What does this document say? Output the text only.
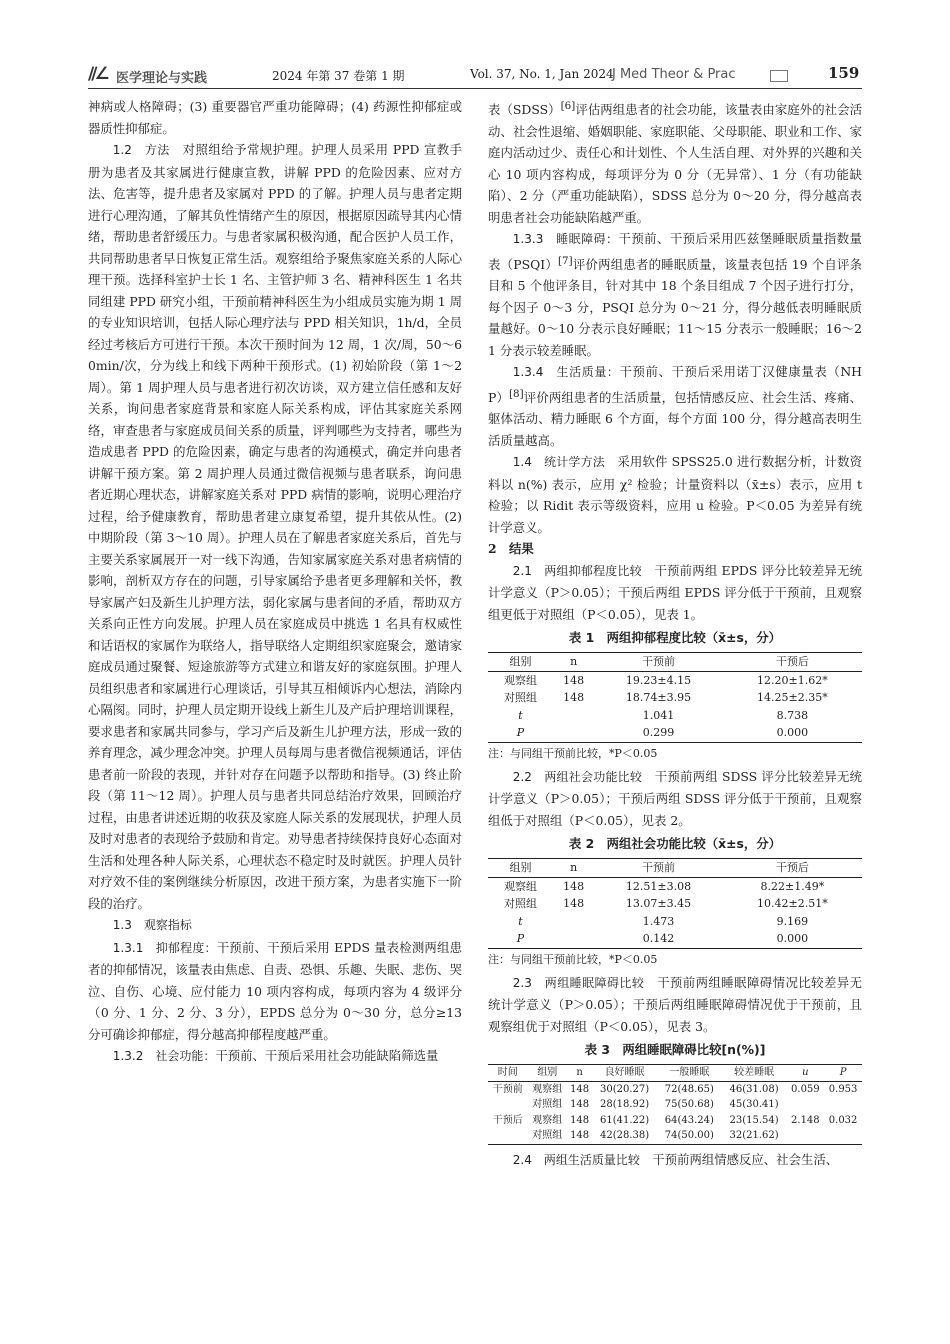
∕∕∠ 医学理论与实践	2024 年第 37 卷第 1 期	Vol. 37, No. 1, Jan 2024
J Med Theor & Prac	159

神病或人格障碍；(3) 重要器官严重功能障碍；(4) 药源性抑郁症或器质性抑郁症。

1.2　方法　 对照组给予常规护理。护理人员采用 PPD 宣教手册为患者及其家属进行健康宣教，讲解 PPD 的危险因素、应对方法、危害等，提升患者及家属对 PPD 的了解。护理人员与患者定期进行心理沟通，了解其负性情绪产生的原因，根据原因疏导其内心情绪，帮助患者舒缓压力。与患者家属积极沟通，配合医护人员工作，共同帮助患者早日恢复正常生活。观察组给予聚焦家庭关系的人际心理干预。选择科室护士长 1 名、主管护师 3 名、精神科医生 1 名共同组建 PPD 研究小组，干预前精神科医生为小组成员实施为期 1 周的专业知识培训，包括人际心理疗法与 PPD 相关知识，1h/d，全员经过考核后方可进行干预。本次干预时间为 12 周，1 次/周，50～60min/次，分为线上和线下两种干预形式。(1) 初始阶段（第 1～2 周）。第 1 周护理人员与患者进行初次访谈，双方建立信任感和友好关系，询问患者家庭背景和家庭人际关系构成，评估其家庭关系网络，审查患者与家庭成员间关系的质量，评判哪些为支持者，哪些为造成患者 PPD 的危险因素，确定与患者的沟通模式，确定并向患者讲解干预方案。第 2 周护理人员通过微信视频与患者联系，询问患者近期心理状态，讲解家庭关系对 PPD 病情的影响，说明心理治疗过程，给予健康教育，帮助患者建立康复希望，提升其依从性。(2) 中期阶段（第 3～10 周）。护理人员在了解患者家庭关系后，首先与主要关系家属展开一对一线下沟通，告知家属家庭关系对患者病情的影响，剖析双方存在的问题，引导家属给予患者更多理解和关怀，教导家属产妇及新生儿护理方法，弱化家属与患者间的矛盾，帮助双方关系向正性方向发展。护理人员在家庭成员中挑选 1 名具有权威性和话语权的家属作为联络人，指导联络人定期组织家庭聚会，邀请家庭成员通过聚餐、短途旅游等方式建立和谐友好的家庭氛围。护理人员组织患者和家属进行心理谈话，引导其互相倾诉内心想法，消除内心隔阂。同时，护理人员定期开设线上新生儿及产后护理培训课程，要求患者和家属共同参与，学习产后及新生儿护理方法，形成一致的养育理念，减少理念冲突。护理人员每周与患者微信视频通话，评估患者前一阶段的表现，并针对存在问题予以帮助和指导。(3) 终止阶段（第 11～12 周）。护理人员与患者共同总结治疗效果，回顾治疗过程，由患者讲述近期的收获及家庭人际关系的发展现状，护理人员及时对患者的表现给予鼓励和肯定。劝导患者持续保持良好心态面对生活和处理各种人际关系，心理状态不稳定时及时就医。护理人员针对疗效不佳的案例继续分析原因，改进干预方案，为患者实施下一阶段的治疗。

1.3　观察指标

1.3.1　抑郁程度：干预前、干预后采用 EPDS 量表检测两组患者的抑郁情况，该量表由焦虑、自责、恐惧、乐趣、失眠、悲伤、哭泣、自伤、心境、应付能力 10 项内容构成，每项内容为 4 级评分（0 分、1 分、2 分、3 分），EPDS 总分为 0～30 分，总分≥13 分可确诊抑郁症，得分越高抑郁程度越严重。

1.3.2　社会功能：干预前、干预后采用社会功能缺陷筛选量

表（SDSS）[6]评估两组患者的社会功能，该量表由家庭外的社会活动、社会性退缩、婚姻职能、家庭职能、父母职能、职业和工作、家庭内活动过少、责任心和计划性、个人生活自理、对外界的兴趣和关心 10 项内容构成，每项评分为 0 分（无异常）、1 分（有功能缺陷）、2 分（严重功能缺陷），SDSS 总分为 0～20 分，得分越高表明患者社会功能缺陷越严重。

1.3.3　睡眠障碍：干预前、干预后采用匹兹堡睡眠质量指数量表（PSQI）[7]评价两组患者的睡眠质量，该量表包括 19 个自评条目和 5 个他评条目，针对其中 18 个条目组成 7 个因子进行打分，每个因子 0～3 分，PSQI 总分为 0～21 分，得分越低表明睡眠质量越好。0～10 分表示良好睡眠；11～15 分表示一般睡眠；16～21 分表示较差睡眠。

1.3.4　生活质量：干预前、干预后采用诺丁汉健康量表（NHP）[8]评价两组患者的生活质量，包括情感反应、社会生活、疼痛、躯体活动、精力睡眠 6 个方面，每个方面 100 分，得分越高表明生活质量越高。

1.4　统计学方法　 采用软件 SPSS25.0 进行数据分析，计数资料以 n(%) 表示，应用 χ² 检验；计量资料以（x̄±s）表示，应用 t 检验；以 Ridit 表示等级资料，应用 u 检验。P＜0.05 为差异有统计学意义。

2　结果

2.1　两组抑郁程度比较　 干预前两组 EPDS 评分比较差异无统计学意义（P＞0.05）；干预后两组 EPDS 评分低于干预前，且观察组更低于对照组（P＜0.05），见表 1。

表 1　两组抑郁程度比较（x̄±s，分）
组别	n	干预前	干预后
观察组	148	19.23±4.15	12.20±1.62*
对照组	148	18.74±3.95	14.25±2.35*
t		1.041	8.738
P		0.299	0.000
注：与同组干预前比较，*P＜0.05

2.2　两组社会功能比较　 干预前两组 SDSS 评分比较差异无统计学意义（P＞0.05）；干预后两组 SDSS 评分低于干预前，且观察组低于对照组（P＜0.05），见表 2。

表 2　两组社会功能比较（x̄±s，分）
组别	n	干预前	干预后
观察组	148	12.51±3.08	8.22±1.49*
对照组	148	13.07±3.45	10.42±2.51*
t		1.473	9.169
P		0.142	0.000
注：与同组干预前比较，*P＜0.05

2.3　两组睡眠障碍比较　 干预前两组睡眠障碍情况比较差异无统计学意义（P＞0.05）；干预后两组睡眠障碍情况优于干预前，且观察组优于对照组（P＜0.05），见表 3。

表 3　两组睡眠障碍比较[n(%)]
时间	组别	n	良好睡眠	一般睡眠	较差睡眠	u	P
干预前	观察组	148	30(20.27)	72(48.65)	46(31.08)	0.059	0.953
	对照组	148	28(18.92)	75(50.68)	45(30.41)		
干预后	观察组	148	61(41.22)	64(43.24)	23(15.54)	2.148	0.032
	对照组	148	42(28.38)	74(50.00)	32(21.62)		

2.4　两组生活质量比较　 干预前两组情感反应、社会生活、
